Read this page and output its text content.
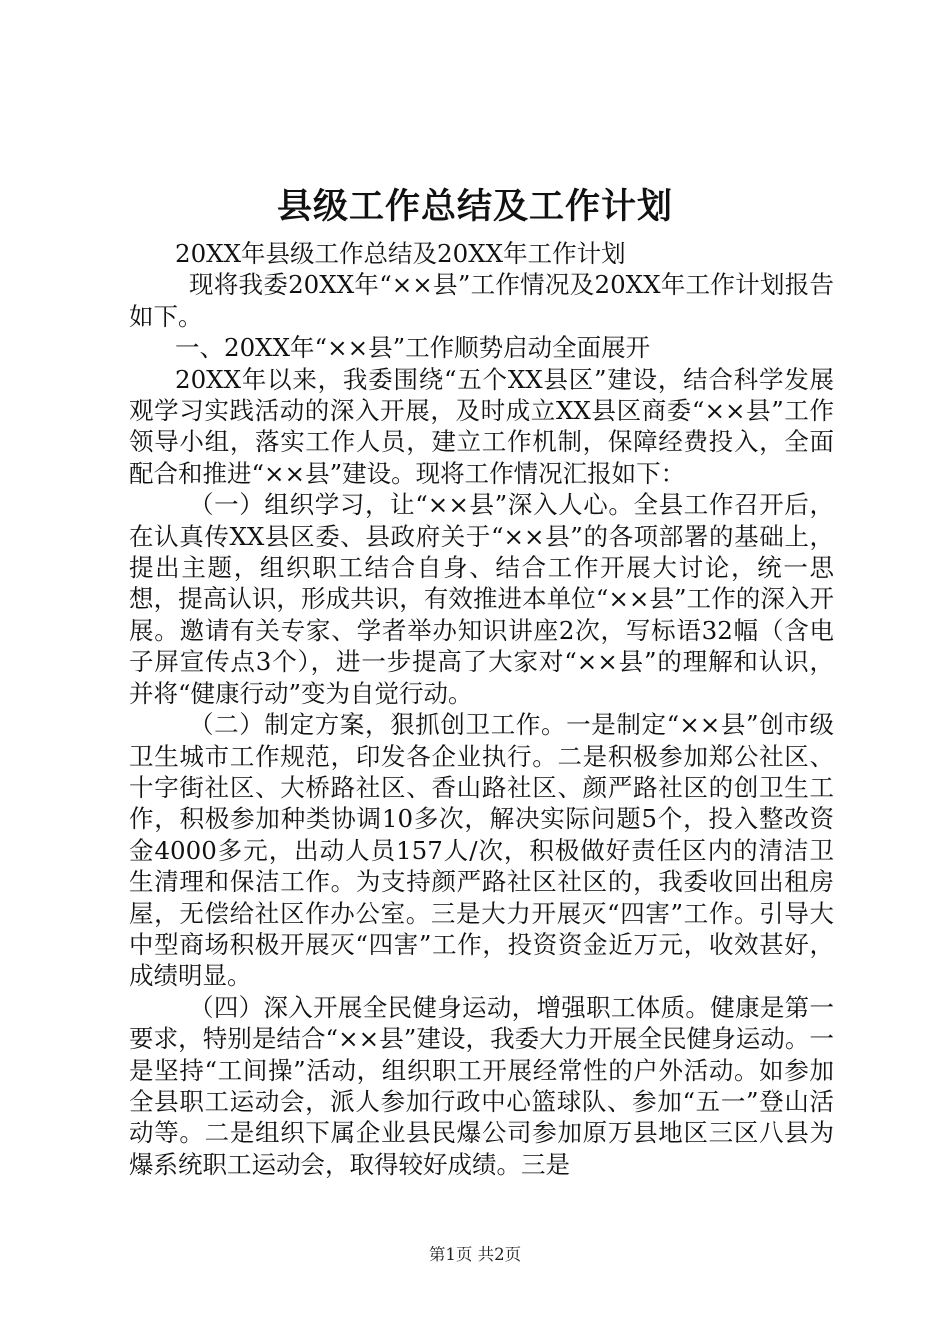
县级工作总结及工作计划

20XX年县级工作总结及20XX年工作计划

现将我委20XX年“××县”工作情况及20XX年工作计划报告如下。

一、20XX年“××县”工作顺势启动全面展开

20XX年以来，我委围绕“五个XX县区”建设，结合科学发展观学习实践活动的深入开展，及时成立XX县区商委“××县”工作领导小组，落实工作人员，建立工作机制，保障经费投入，全面配合和推进“××县”建设。现将工作情况汇报如下：

（一）组织学习，让“××县”深入人心。全县工作召开后，在认真传XX县区委、县政府关于“××县”的各项部署的基础上，提出主题，组织职工结合自身、结合工作开展大讨论，统一思想，提高认识，形成共识，有效推进本单位“××县”工作的深入开展。邀请有关专家、学者举办知识讲座2次，写标语32幅（含电子屏宣传点3个），进一步提高了大家对“××县”的理解和认识，并将“健康行动”变为自觉行动。

（二）制定方案，狠抓创卫工作。一是制定“××县”创市级卫生城市工作规范，印发各企业执行。二是积极参加郑公社区、十字街社区、大桥路社区、香山路社区、颜严路社区的创卫生工作，积极参加种类协调10多次，解决实际问题5个，投入整改资金4000多元，出动人员157人/次，积极做好责任区内的清洁卫生清理和保洁工作。为支持颜严路社区社区的，我委收回出租房屋，无偿给社区作办公室。三是大力开展灭“四害”工作。引导大中型商场积极开展灭“四害”工作，投资资金近万元，收效甚好，成绩明显。

（四）深入开展全民健身运动，增强职工体质。健康是第一要求，特别是结合“××县”建设，我委大力开展全民健身运动。一是坚持“工间操”活动，组织职工开展经常性的户外活动。如参加全县职工运动会，派人参加行政中心篮球队、参加“五一”登山活动等。二是组织下属企业县民爆公司参加原万县地区三区八县为爆系统职工运动会，取得较好成绩。三是

第1页 共2页
